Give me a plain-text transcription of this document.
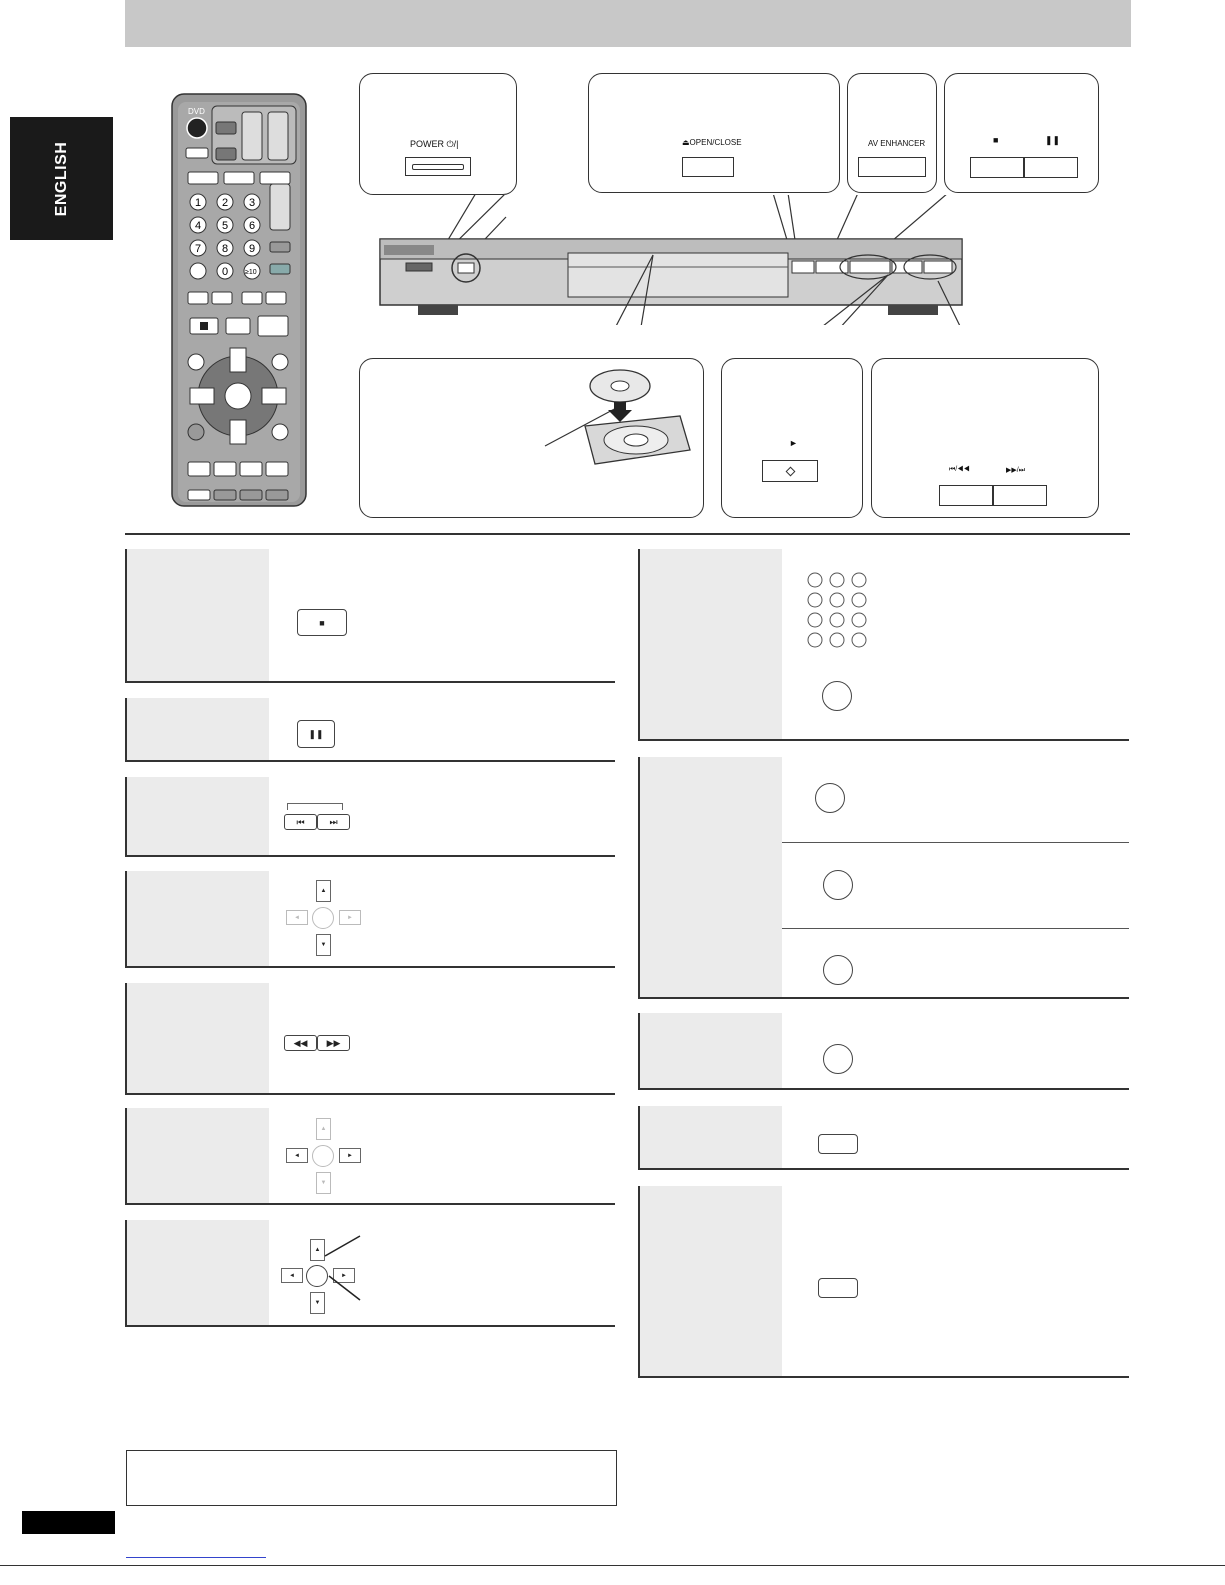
ENGLISH
DVD
1 2 3
4 5 6
7 8 9
0 ≥10
POWER ⏻/|	⏏OPEN/CLOSE	AV ENHANCER	■	❚❚
►
⏮/◀◀	▶▶/⏭
■
❚❚
⏮	⏭
▲
▼
◄	►
◀◀	▶▶
▲
▼
◄	►
▲
▼
◄	►
